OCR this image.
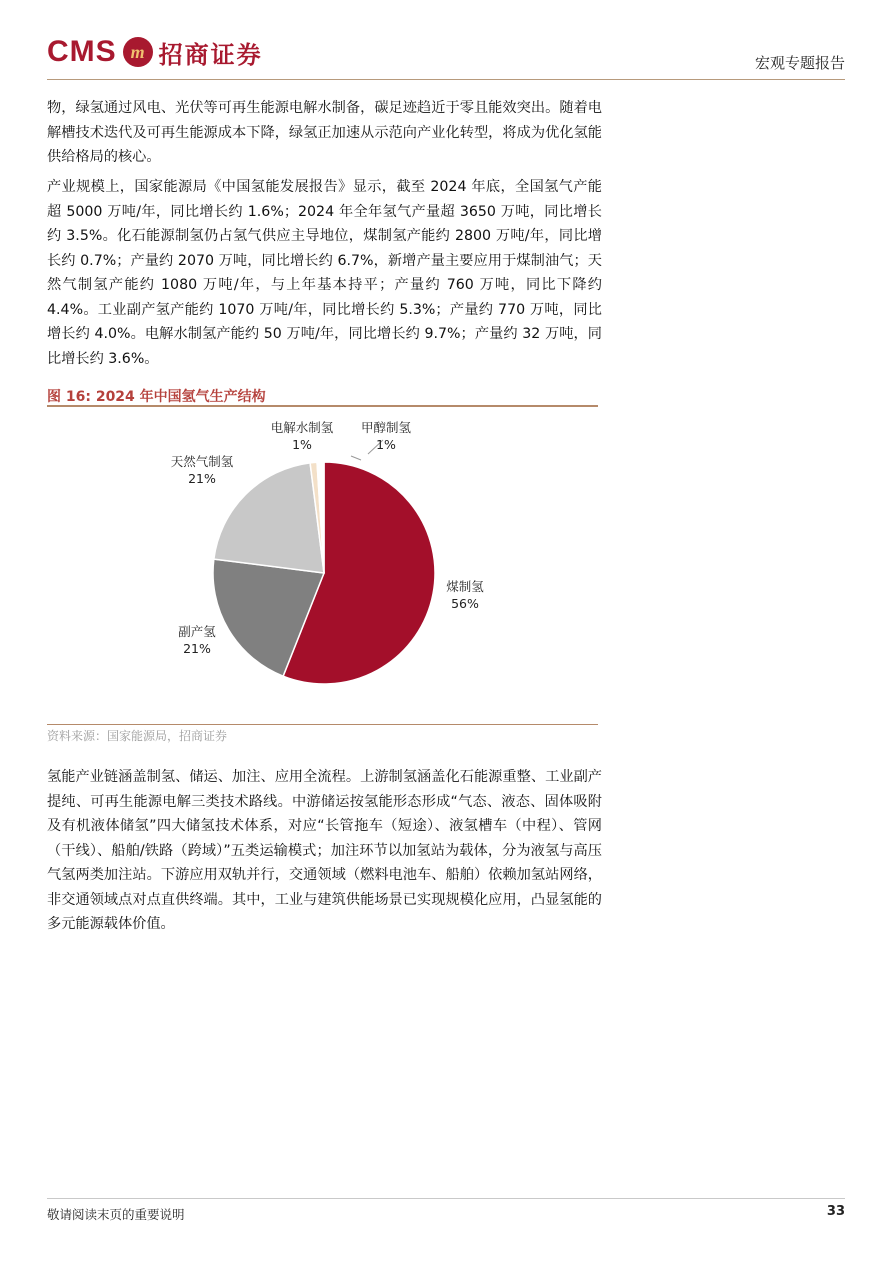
CMS m 招商证券	宏观专题报告

物，绿氢通过风电、光伏等可再生能源电解水制备，碳足迹趋近于零且能效突出。随着电解槽技术迭代及可再生能源成本下降，绿氢正加速从示范向产业化转型，将成为优化氢能供给格局的核心。

产业规模上，国家能源局《中国氢能发展报告》显示，截至 2024 年底，全国氢气产能超 5000 万吨/年，同比增长约 1.6%；2024 年全年氢气产量超 3650 万吨，同比增长约 3.5%。化石能源制氢仍占氢气供应主导地位，煤制氢产能约 2800 万吨/年，同比增长约 0.7%；产量约 2070 万吨，同比增长约 6.7%，新增产量主要应用于煤制油气；天然气制氢产能约 1080 万吨/年，与上年基本持平；产量约 760 万吨，同比下降约 4.4%。工业副产氢产能约 1070 万吨/年，同比增长约 5.3%；产量约 770 万吨，同比增长约 4.0%。电解水制氢产能约 50 万吨/年，同比增长约 9.7%；产量约 32 万吨，同比增长约 3.6%。

图 16: 2024 年中国氢气生产结构
煤制氢
56%
副产氢
21%
天然气制氢
21%
电解水制氢
1%
甲醇制氢
1%
资料来源：国家能源局，招商证券

氢能产业链涵盖制氢、储运、加注、应用全流程。上游制氢涵盖化石能源重整、工业副产提纯、可再生能源电解三类技术路线。中游储运按氢能形态形成“气态、液态、固体吸附及有机液体储氢”四大储氢技术体系，对应“长管拖车（短途）、液氢槽车（中程）、管网（干线）、船舶/铁路（跨域）”五类运输模式；加注环节以加氢站为载体，分为液氢与高压气氢两类加注站。下游应用双轨并行，交通领域（燃料电池车、船舶）依赖加氢站网络，非交通领域点对点直供终端。其中，工业与建筑供能场景已实现规模化应用，凸显氢能的多元能源载体价值。

敬请阅读末页的重要说明	33
